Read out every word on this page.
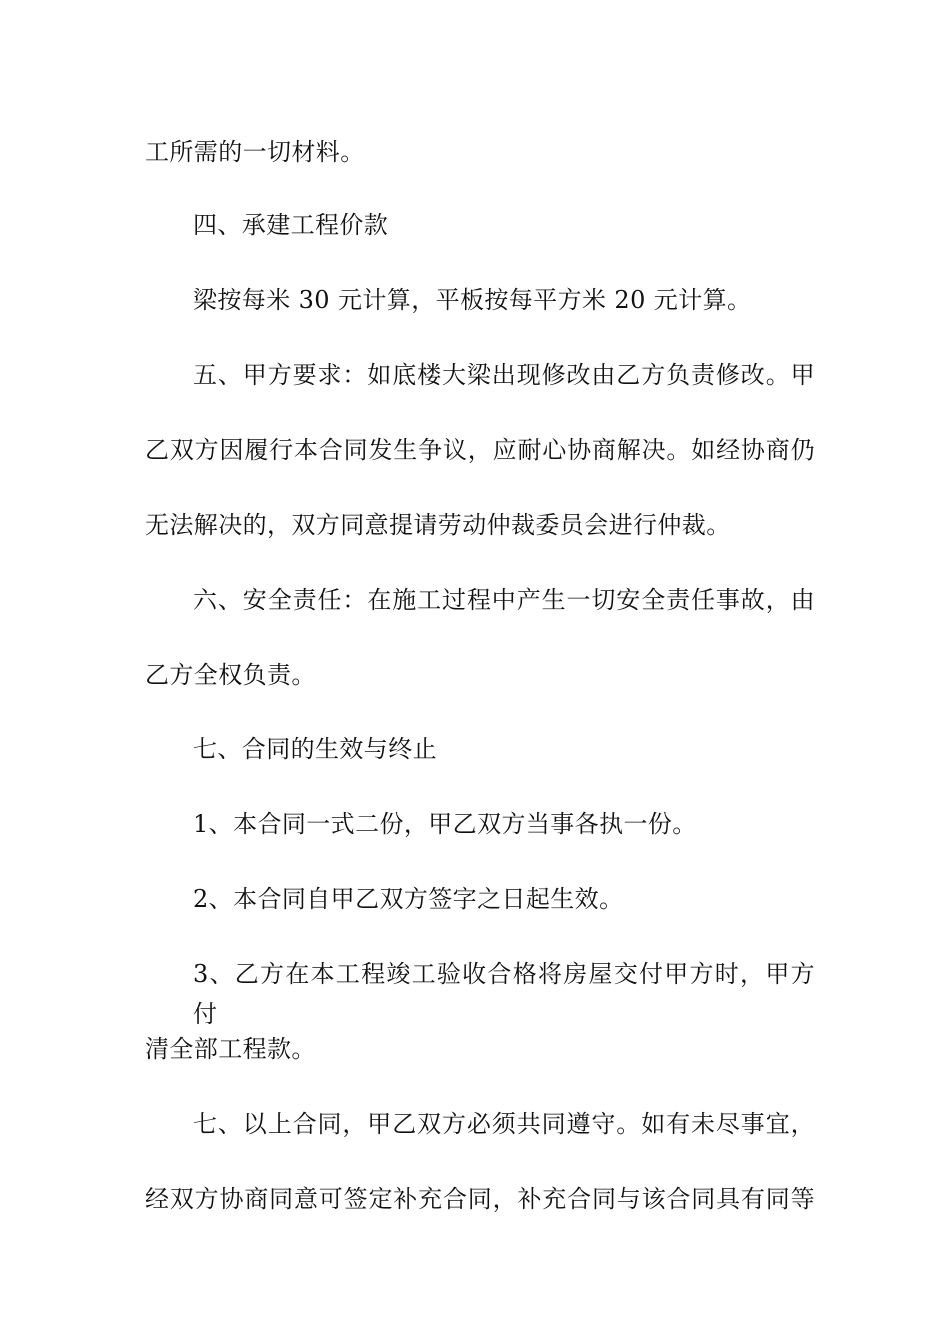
工所需的一切材料。
四、承建工程价款
梁按每米 30 元计算，平板按每平方米 20 元计算。
五、甲方要求：如底楼大梁出现修改由乙方负责修改。甲
乙双方因履行本合同发生争议，应耐心协商解决。如经协商仍
无法解决的，双方同意提请劳动仲裁委员会进行仲裁。
六、安全责任：在施工过程中产生一切安全责任事故，由
乙方全权负责。
七、合同的生效与终止
1、本合同一式二份，甲乙双方当事各执一份。
2、本合同自甲乙双方签字之日起生效。
3、乙方在本工程竣工验收合格将房屋交付甲方时，甲方付
清全部工程款。
七、以上合同，甲乙双方必须共同遵守。如有未尽事宜，
经双方协商同意可签定补充合同，补充合同与该合同具有同等
